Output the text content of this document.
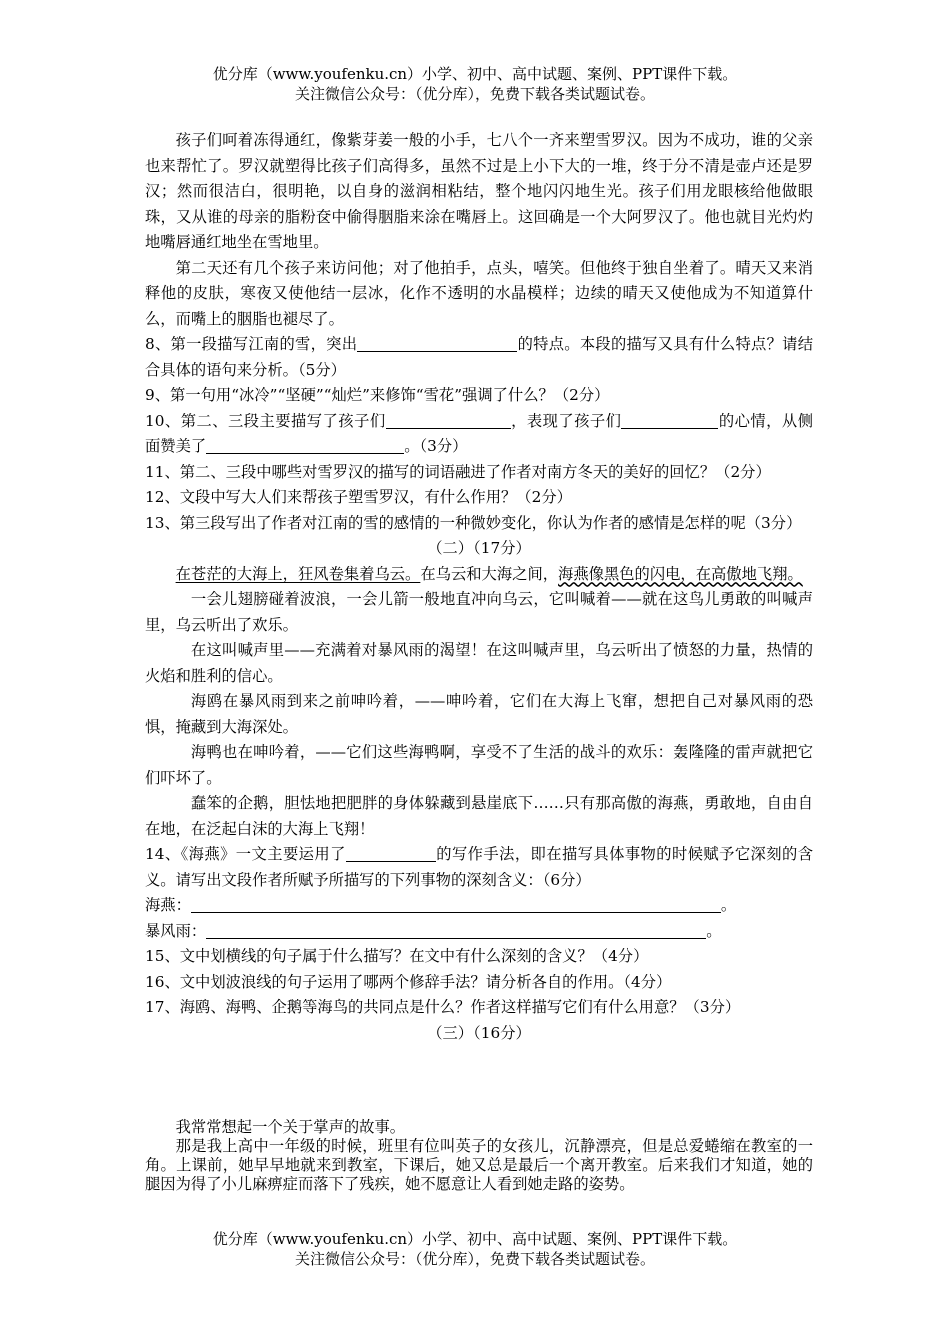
优分库（www.youfenku.cn）小学、初中、高中试题、案例、PPT课件下载。
关注微信公众号：（优分库），免费下载各类试题试卷。

孩子们呵着冻得通红，像紫芽姜一般的小手，七八个一齐来塑雪罗汉。因为不成功，谁的父亲也来帮忙了。罗汉就塑得比孩子们高得多，虽然不过是上小下大的一堆，终于分不清是壶卢还是罗汉；然而很洁白，很明艳，以自身的滋润相粘结，整个地闪闪地生光。孩子们用龙眼核给他做眼珠，又从谁的母亲的脂粉奁中偷得胭脂来涂在嘴唇上。这回确是一个大阿罗汉了。他也就目光灼灼地嘴唇通红地坐在雪地里。

第二天还有几个孩子来访问他；对了他拍手，点头，嘻笑。但他终于独自坐着了。晴天又来消释他的皮肤，寒夜又使他结一层冰，化作不透明的水晶模样；边续的晴天又使他成为不知道算什么，而嘴上的胭脂也褪尽了。

8、第一段描写江南的雪，突出	的特点。本段的描写又具有什么特点？请结合具体的语句来分析。（5分）

9、第一句用“冰冷”“坚硬”“灿烂”来修饰“雪花”强调了什么？（2分）

10、第二、三段主要描写了孩子们	，表现了孩子们	的心情，从侧面赞美了	。（3分）

11、第二、三段中哪些对雪罗汉的描写的词语融进了作者对南方冬天的美好的回忆？（2分）

12、文段中写大人们来帮孩子塑雪罗汉，有什么作用？（2分）

13、第三段写出了作者对江南的雪的感情的一种微妙变化，你认为作者的感情是怎样的呢（3分）

（二）（17分）

在苍茫的大海上，狂风卷集着乌云。在乌云和大海之间，海燕像黑色的闪电，在高傲地飞翔。

一会儿翅膀碰着波浪，一会儿箭一般地直冲向乌云，它叫喊着——就在这鸟儿勇敢的叫喊声里，乌云听出了欢乐。

在这叫喊声里——充满着对暴风雨的渴望！在这叫喊声里，乌云听出了愤怒的力量，热情的火焰和胜利的信心。

海鸥在暴风雨到来之前呻吟着，——呻吟着，它们在大海上飞窜，想把自己对暴风雨的恐惧，掩藏到大海深处。

海鸭也在呻吟着，——它们这些海鸭啊，享受不了生活的战斗的欢乐：轰隆隆的雷声就把它们吓坏了。

蠢笨的企鹅，胆怯地把肥胖的身体躲藏到悬崖底下……只有那高傲的海燕，勇敢地，自由自在地，在泛起白沫的大海上飞翔！

14、《海燕》一文主要运用了	的写作手法，即在描写具体事物的时候赋予它深刻的含义。请写出文段作者所赋予所描写的下列事物的深刻含义：（6分）

海燕：	。

暴风雨：	。

15、文中划横线的句子属于什么描写？在文中有什么深刻的含义？（4分）

16、文中划波浪线的句子运用了哪两个修辞手法？请分析各自的作用。（4分）

17、海鸥、海鸭、企鹅等海鸟的共同点是什么？作者这样描写它们有什么用意？（3分）

（三）（16分）

我常常想起一个关于掌声的故事。

那是我上高中一年级的时候，班里有位叫英子的女孩儿，沉静漂亮，但是总爱蜷缩在教室的一角。上课前，她早早地就来到教室，下课后，她又总是最后一个离开教室。后来我们才知道，她的腿因为得了小儿麻痹症而落下了残疾，她不愿意让人看到她走路的姿势。

优分库（www.youfenku.cn）小学、初中、高中试题、案例、PPT课件下载。
关注微信公众号：（优分库），免费下载各类试题试卷。
